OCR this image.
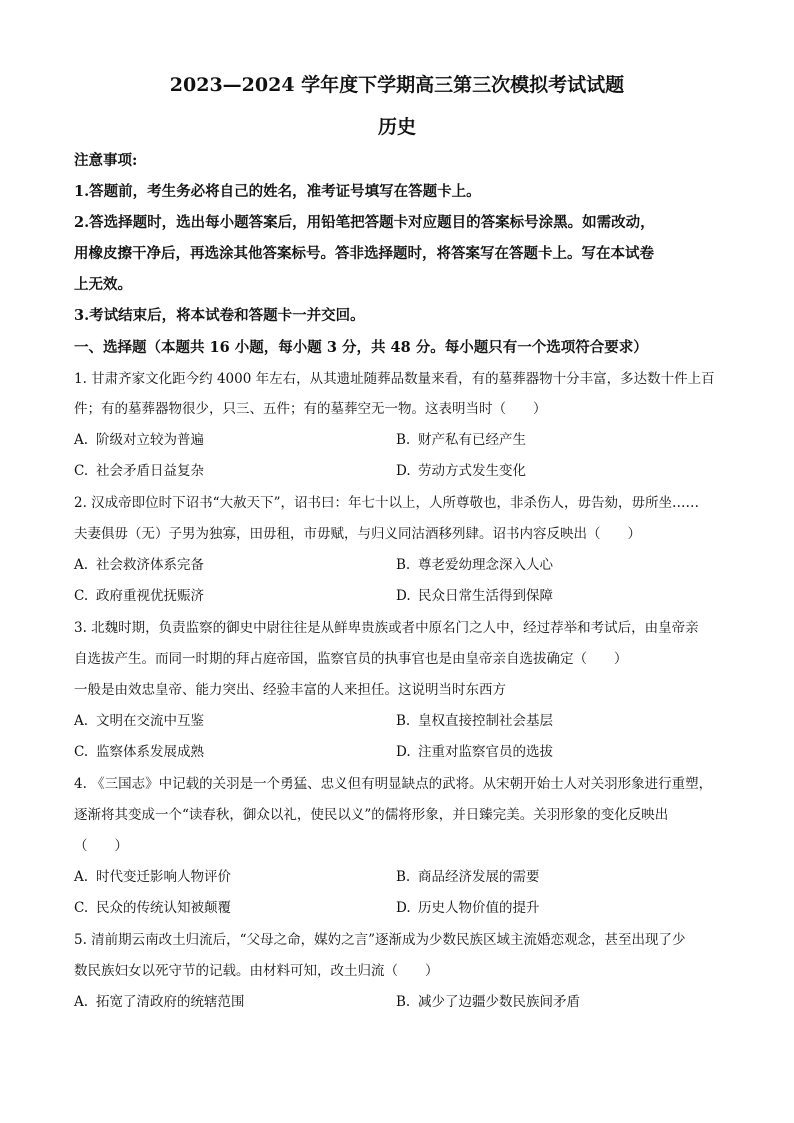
2023—2024 学年度下学期高三第三次模拟考试试题
历史
注意事项:
1.答题前，考生务必将自己的姓名，准考证号填写在答题卡上。
2.答选择题时，选出每小题答案后，用铅笔把答题卡对应题目的答案标号涂黑。如需改动，
用橡皮擦干净后，再选涂其他答案标号。答非选择题时，将答案写在答题卡上。写在本试卷
上无效。
3.考试结束后，将本试卷和答题卡一并交回。
一、选择题（本题共 16 小题，每小题 3 分，共 48 分。每小题只有一个选项符合要求）
1. 甘肃齐家文化距今约 4000 年左右，从其遗址随葬品数量来看，有的墓葬器物十分丰富，多达数十件上百
件；有的墓葬器物很少，只三、五件；有的墓葬空无一物。这表明当时（　　）
A. 阶级对立较为普遍	B. 财产私有已经产生
C. 社会矛盾日益复杂	D. 劳动方式发生变化
2. 汉成帝即位时下诏书“大赦天下”，诏书曰：年七十以上，人所尊敬也，非杀伤人，毋告劾，毋所坐……
夫妻俱毋（无）子男为独寡，田毋租，市毋赋，与归义同沽酒移列肆。诏书内容反映出（　　）
A. 社会救济体系完备	B. 尊老爱幼理念深入人心
C. 政府重视优抚赈济	D. 民众日常生活得到保障
3. 北魏时期，负责监察的御史中尉往往是从鲜卑贵族或者中原名门之人中，经过荐举和考试后，由皇帝亲
自选拔产生。而同一时期的拜占庭帝国，监察官员的执事官也是由皇帝亲自选拔确定（　　）
一般是由效忠皇帝、能力突出、经验丰富的人来担任。这说明当时东西方
A. 文明在交流中互鉴	B. 皇权直接控制社会基层
C. 监察体系发展成熟	D. 注重对监察官员的选拔
4. 《三国志》中记载的关羽是一个勇猛、忠义但有明显缺点的武将。从宋朝开始士人对关羽形象进行重塑，
逐渐将其变成一个“读春秋，御众以礼，使民以义”的儒将形象，并日臻完美。关羽形象的变化反映出
（　　）
A. 时代变迁影响人物评价	B. 商品经济发展的需要
C. 民众的传统认知被颠覆	D. 历史人物价值的提升
5. 清前期云南改土归流后，“父母之命，媒妁之言”逐渐成为少数民族区域主流婚恋观念，甚至出现了少
数民族妇女以死守节的记载。由材料可知，改土归流（　　）
A. 拓宽了清政府的统辖范围	B. 减少了边疆少数民族间矛盾
